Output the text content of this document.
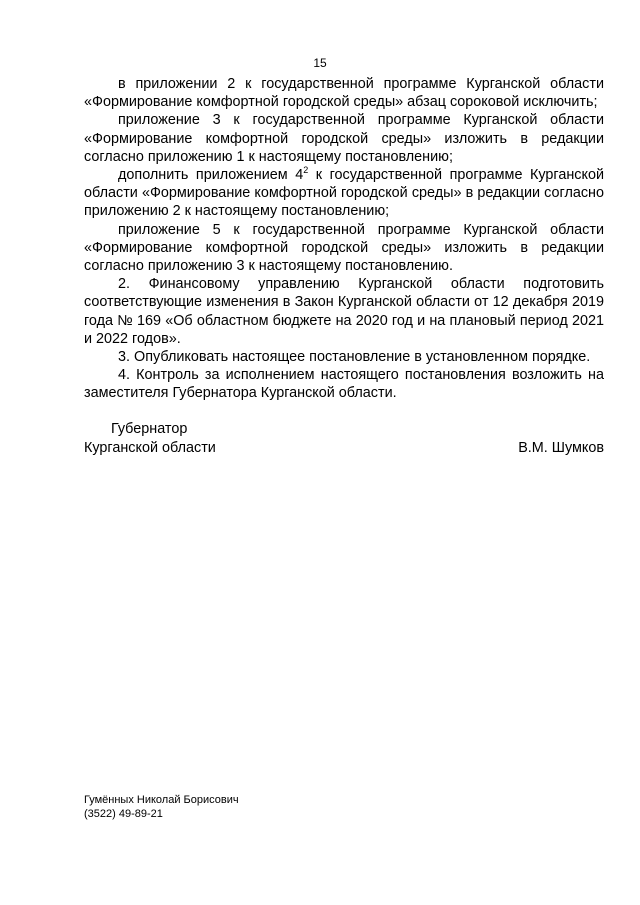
15

в приложении 2 к государственной программе Курганской области «Формирование комфортной городской среды» абзац сороковой исключить;

приложение 3 к государственной программе Курганской области «Формирование комфортной городской среды» изложить в редакции согласно приложению 1 к настоящему постановлению;

дополнить приложением $4^2$ к государственной программе Курганской области «Формирование комфортной городской среды» в редакции согласно приложению 2 к настоящему постановлению;

приложение 5 к государственной программе Курганской области «Формирование комфортной городской среды» изложить в редакции согласно приложению 3 к настоящему постановлению.

2. Финансовому управлению Курганской области подготовить соответствующие изменения в Закон Курганской области от 12 декабря 2019 года № 169 «Об областном бюджете на 2020 год и на плановый период 2021 и 2022 годов».

3. Опубликовать настоящее постановление в установленном порядке.

4. Контроль за исполнением настоящего постановления возложить на заместителя Губернатора Курганской области.

Губернатор
Курганской области	В.М. Шумков
Гумённых Николай Борисович
(3522) 49-89-21
